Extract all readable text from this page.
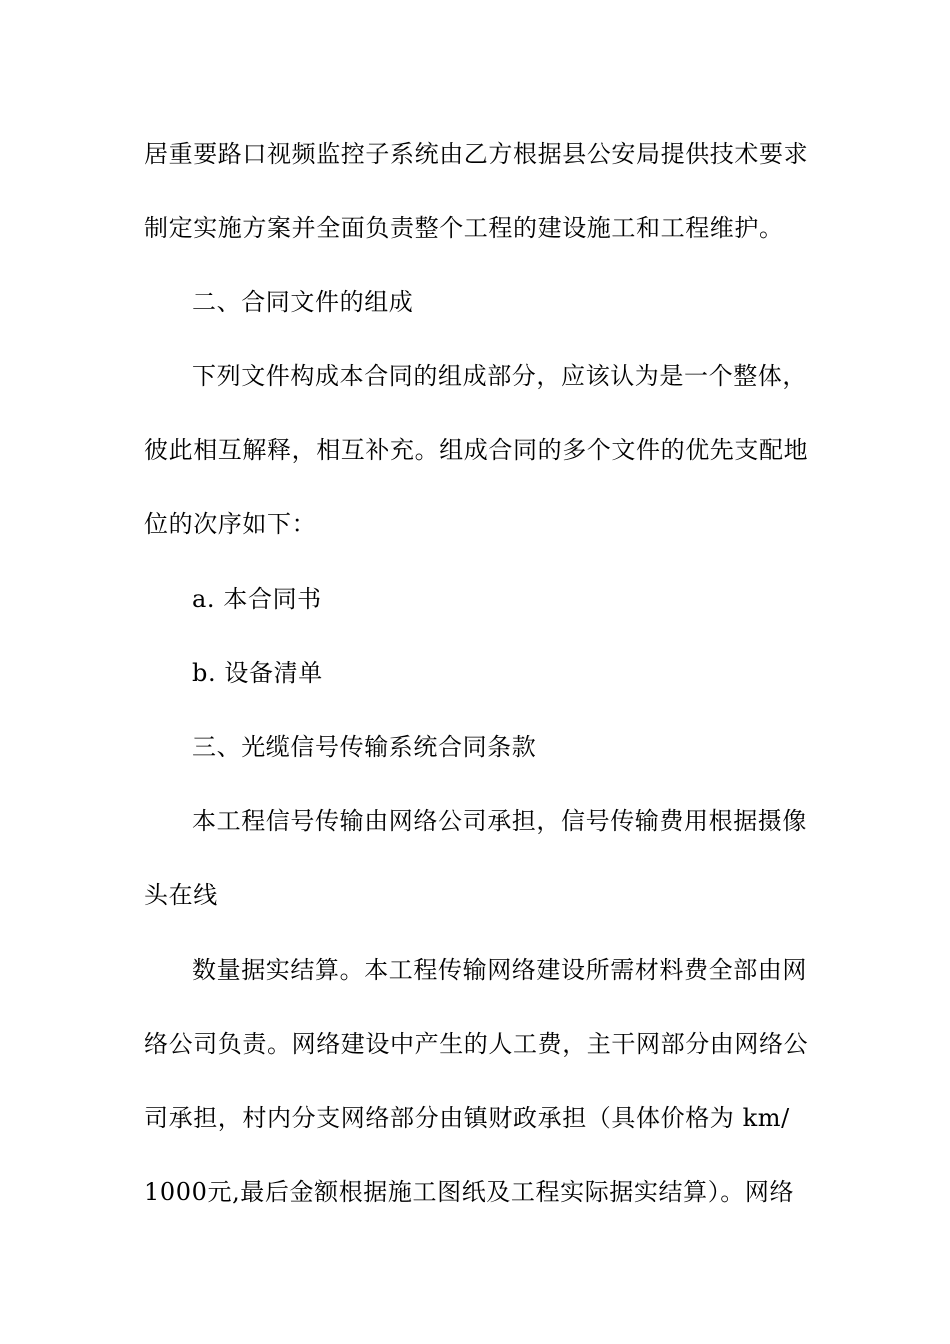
居重要路口视频监控子系统由乙方根据县公安局提供技术要求
制定实施方案并全面负责整个工程的建设施工和工程维护。
二、合同文件的组成
下列文件构成本合同的组成部分，应该认为是一个整体，
彼此相互解释，相互补充。组成合同的多个文件的优先支配地
位的次序如下：
a. 本合同书
b. 设备清单
三、光缆信号传输系统合同条款
本工程信号传输由网络公司承担，信号传输费用根据摄像
头在线
数量据实结算。本工程传输网络建设所需材料费全部由网
络公司负责。网络建设中产生的人工费，主干网部分由网络公
司承担，村内分支网络部分由镇财政承担（具体价格为 km/
1000元,最后金额根据施工图纸及工程实际据实结算）。网络
